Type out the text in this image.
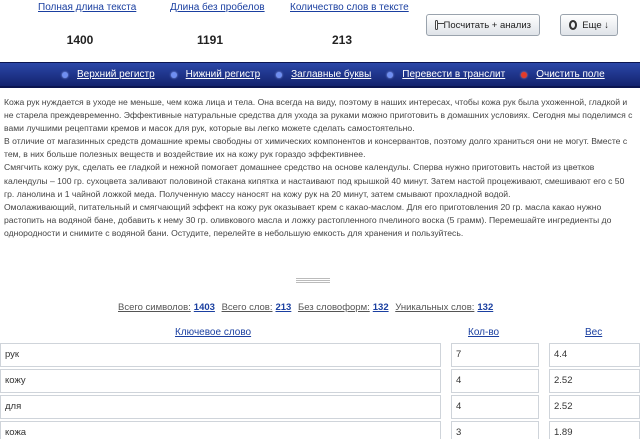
Полная длина текста
1400
Длина без пробелов
1191
Количество слов в тексте
213
Посчитать + анализ	Еще ↓
Верхний регистр	Нижний регистр	Заглавные буквы	Перевести в транслит	Очистить поле

Кожа рук нуждается в уходе не меньше, чем кожа лица и тела. Она всегда на виду, поэтому в наших интересах, чтобы кожа рук была ухоженной, гладкой и не старела преждевременно. Эффективные натуральные средства для ухода за руками можно приготовить в домашних условиях. Сегодня мы поделимся с вами лучшими рецептами кремов и масок для рук, которые вы легко можете сделать самостоятельно.
В отличие от магазинных средств домашние кремы свободны от химических компонентов и консервантов, поэтому долго храниться они не могут. Вместе с тем, в них больше полезных веществ и воздействие их на кожу рук гораздо эффективнее.
Смягчить кожу рук, сделать ее гладкой и нежной помогает домашнее средство на основе календулы. Сперва нужно приготовить настой из цветков календулы – 100 гр. сухоцвета заливают половиной стакана кипятка и настаивают под крышкой 40 минут. Затем настой процеживают, смешивают его с 50 гр. ланолина и 1 чайной ложкой меда. Полученную массу наносят на кожу рук на 20 минут, затем смывают прохладной водой.
Омолаживающий, питательный и смягчающий эффект на кожу рук оказывает крем с какао-маслом. Для его приготовления 20 гр. масла какао нужно растопить на водяной бане, добавить к нему 30 гр. оливкового масла и ложку растопленного пчелиного воска (5 грамм). Перемешайте ингредиенты до однородности и снимите с водяной бани. Остудите, перелейте в небольшую емкость для хранения и пользуйтесь.

Всего символов: 1403 Всего слов: 213 Без словоформ: 132 Уникальных слов: 132
Ключевое слово	Кол-во	Вес
рук	7	4.4
кожу	4	2.52
для	4	2.52
кожа	3	1.89
